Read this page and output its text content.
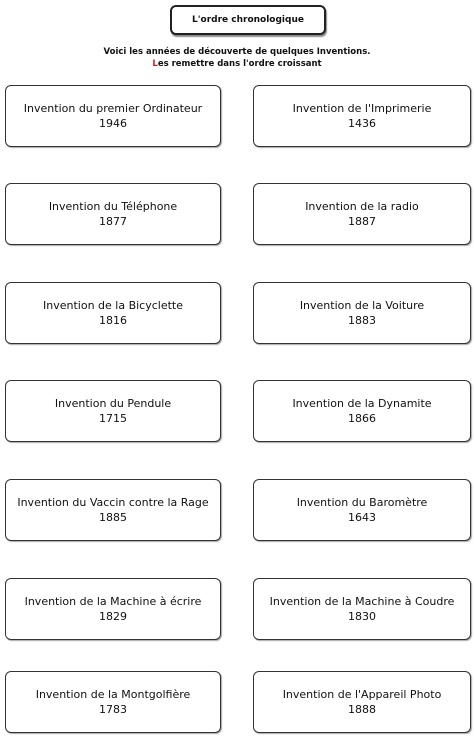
L'ordre chronologique
Voici les années de découverte de quelques Inventions.
Les remettre dans l'ordre croissant
Invention du premier Ordinateur
1946
Invention de l'Imprimerie
1436
Invention du Téléphone
1877
Invention de la radio
1887
Invention de la Bicyclette
1816
Invention de la Voiture
1883
Invention du Pendule
1715
Invention de la Dynamite
1866
Invention du Vaccin contre la Rage
1885
Invention du Baromètre
1643
Invention de la Machine à écrire
1829
Invention de la Machine à Coudre
1830
Invention de la Montgolfière
1783
Invention de l'Appareil Photo
1888
